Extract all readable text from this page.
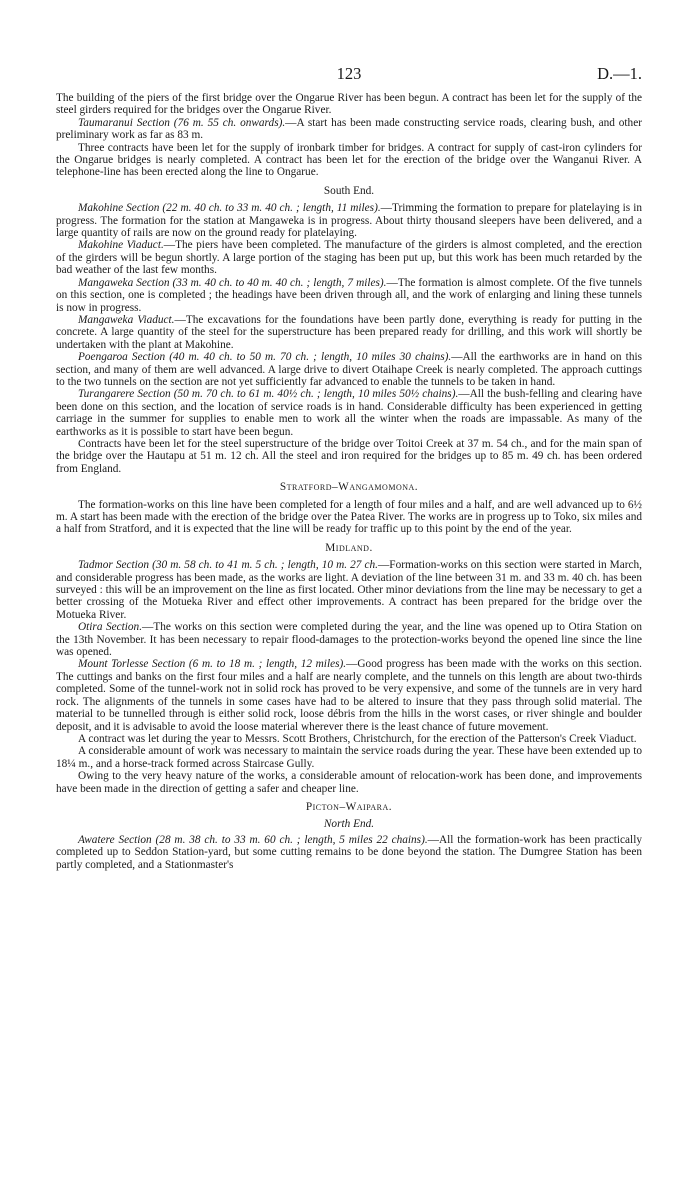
123	D.—1.

The building of the piers of the first bridge over the Ongarue River has been begun. A contract has been let for the supply of the steel girders required for the bridges over the Ongarue River.

Taumaranui Section (76 m. 55 ch. onwards).—A start has been made constructing service roads, clearing bush, and other preliminary work as far as 83 m.

Three contracts have been let for the supply of ironbark timber for bridges. A contract for supply of cast-iron cylinders for the Ongarue bridges is nearly completed. A contract has been let for the erection of the bridge over the Wanganui River. A telephone-line has been erected along the line to Ongarue.

South End.

Makohine Section (22 m. 40 ch. to 33 m. 40 ch. ; length, 11 miles).—Trimming the formation to prepare for platelaying is in progress. The formation for the station at Mangaweka is in progress. About thirty thousand sleepers have been delivered, and a large quantity of rails are now on the ground ready for platelaying.

Makohine Viaduct.—The piers have been completed. The manufacture of the girders is almost completed, and the erection of the girders will be begun shortly. A large portion of the staging has been put up, but this work has been much retarded by the bad weather of the last few months.

Mangaweka Section (33 m. 40 ch. to 40 m. 40 ch. ; length, 7 miles).—The formation is almost complete. Of the five tunnels on this section, one is completed ; the headings have been driven through all, and the work of enlarging and lining these tunnels is now in progress.

Mangaweka Viaduct.—The excavations for the foundations have been partly done, everything is ready for putting in the concrete. A large quantity of the steel for the superstructure has been prepared ready for drilling, and this work will shortly be undertaken with the plant at Makohine.

Poengaroa Section (40 m. 40 ch. to 50 m. 70 ch. ; length, 10 miles 30 chains).—All the earthworks are in hand on this section, and many of them are well advanced. A large drive to divert Otaihape Creek is nearly completed. The approach cuttings to the two tunnels on the section are not yet sufficiently far advanced to enable the tunnels to be taken in hand.

Turangarere Section (50 m. 70 ch. to 61 m. 40½ ch. ; length, 10 miles 50½ chains).—All the bush-felling and clearing have been done on this section, and the location of service roads is in hand. Considerable difficulty has been experienced in getting carriage in the summer for supplies to enable men to work all the winter when the roads are impassable. As many of the earthworks as it is possible to start have been begun.

Contracts have been let for the steel superstructure of the bridge over Toitoi Creek at 37 m. 54 ch., and for the main span of the bridge over the Hautapu at 51 m. 12 ch. All the steel and iron required for the bridges up to 85 m. 49 ch. has been ordered from England.

Stratford–Wangamomona.

The formation-works on this line have been completed for a length of four miles and a half, and are well advanced up to 6½ m. A start has been made with the erection of the bridge over the Patea River. The works are in progress up to Toko, six miles and a half from Stratford, and it is expected that the line will be ready for traffic up to this point by the end of the year.

Midland.

Tadmor Section (30 m. 58 ch. to 41 m. 5 ch. ; length, 10 m. 27 ch.—Formation-works on this section were started in March, and considerable progress has been made, as the works are light. A deviation of the line between 31 m. and 33 m. 40 ch. has been surveyed : this will be an improvement on the line as first located. Other minor deviations from the line may be necessary to get a better crossing of the Motueka River and effect other improvements. A contract has been prepared for the bridge over the Motueka River.

Otira Section.—The works on this section were completed during the year, and the line was opened up to Otira Station on the 13th November. It has been necessary to repair flood-damages to the protection-works beyond the opened line since the line was opened.

Mount Torlesse Section (6 m. to 18 m. ; length, 12 miles).—Good progress has been made with the works on this section. The cuttings and banks on the first four miles and a half are nearly complete, and the tunnels on this length are about two-thirds completed. Some of the tunnel-work not in solid rock has proved to be very expensive, and some of the tunnels are in very hard rock. The alignments of the tunnels in some cases have had to be altered to insure that they pass through solid material. The material to be tunnelled through is either solid rock, loose débris from the hills in the worst cases, or river shingle and boulder deposit, and it is advisable to avoid the loose material wherever there is the least chance of future movement.

A contract was let during the year to Messrs. Scott Brothers, Christchurch, for the erection of the Patterson's Creek Viaduct.

A considerable amount of work was necessary to maintain the service roads during the year. These have been extended up to 18¼ m., and a horse-track formed across Staircase Gully.

Owing to the very heavy nature of the works, a considerable amount of relocation-work has been done, and improvements have been made in the direction of getting a safer and cheaper line.

Picton–Waipara.
North End.

Awatere Section (28 m. 38 ch. to 33 m. 60 ch. ; length, 5 miles 22 chains).—All the formation-work has been practically completed up to Seddon Station-yard, but some cutting remains to be done beyond the station. The Dumgree Station has been partly completed, and a Stationmaster's
